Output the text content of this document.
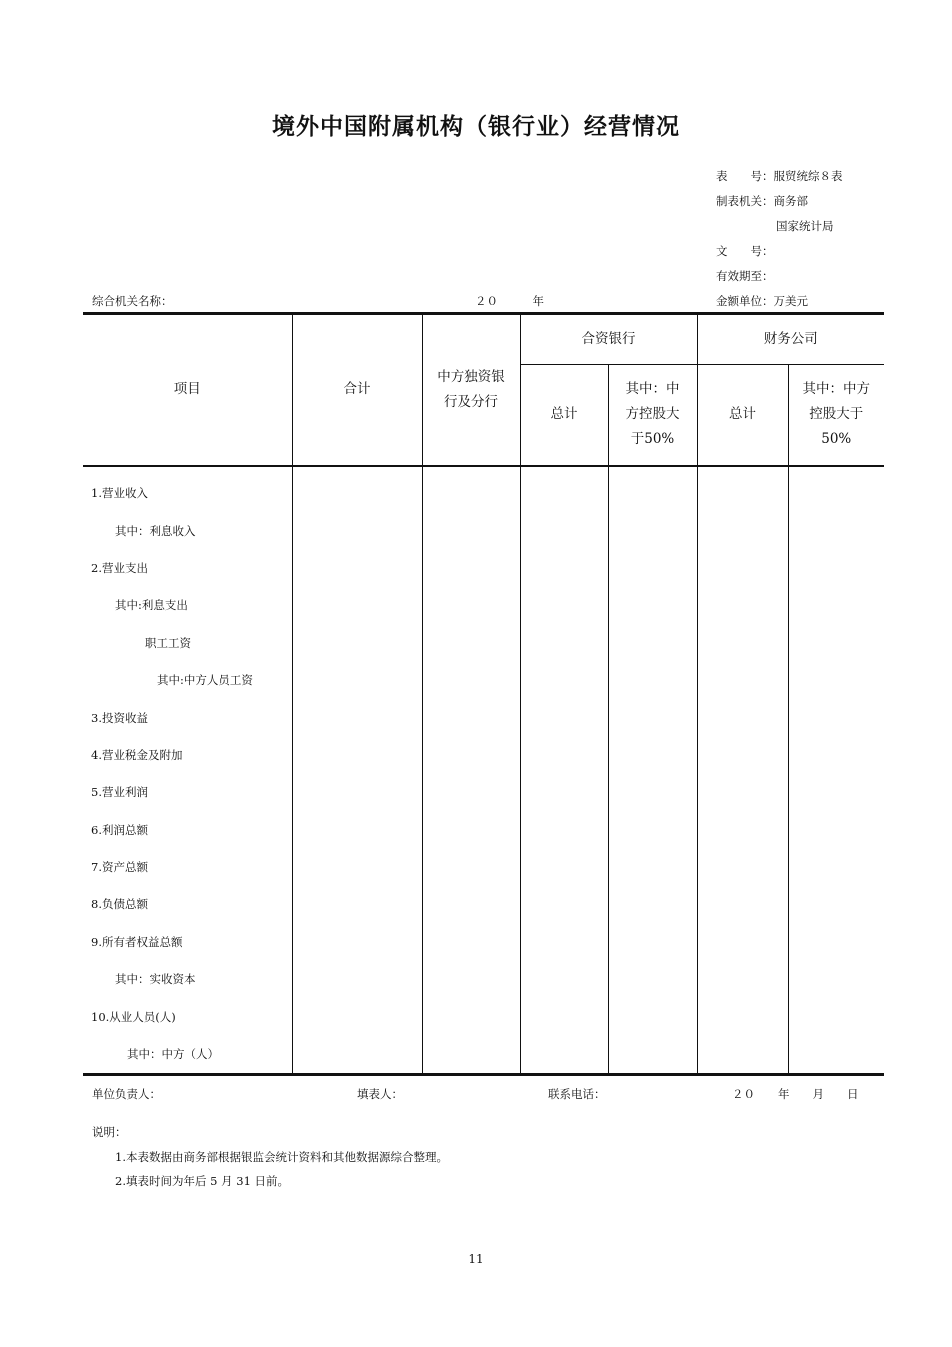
境外中国附属机构（银行业）经营情况
表　　号：服贸统综８表
制表机关：商务部
国家统计局
文　　号：
有效期至：
金额单位：万美元
综合机关名称：	２０　　　年
项目	合计	中方独资银行及分行	合资银行		财务公司	
			总计	其中：中方控股大于50%	总计	其中：中方控股大于50%
1.营业收入						
其中：利息收入						
2.营业支出						
其中:利息支出						
职工工资						
其中:中方人员工资						
3.投资收益						
4.营业税金及附加						
5.营业利润						
6.利润总额						
7.资产总额						
8.负债总额						
9.所有者权益总额						
其中：实收资本						
10.从业人员(人)						
其中：中方（人）						
单位负责人：	填表人：	联系电话：	２０　　年　　月　　日
说明：
1.本表数据由商务部根据银监会统计资料和其他数据源综合整理。
2.填表时间为年后 5 月 31 日前。
11
